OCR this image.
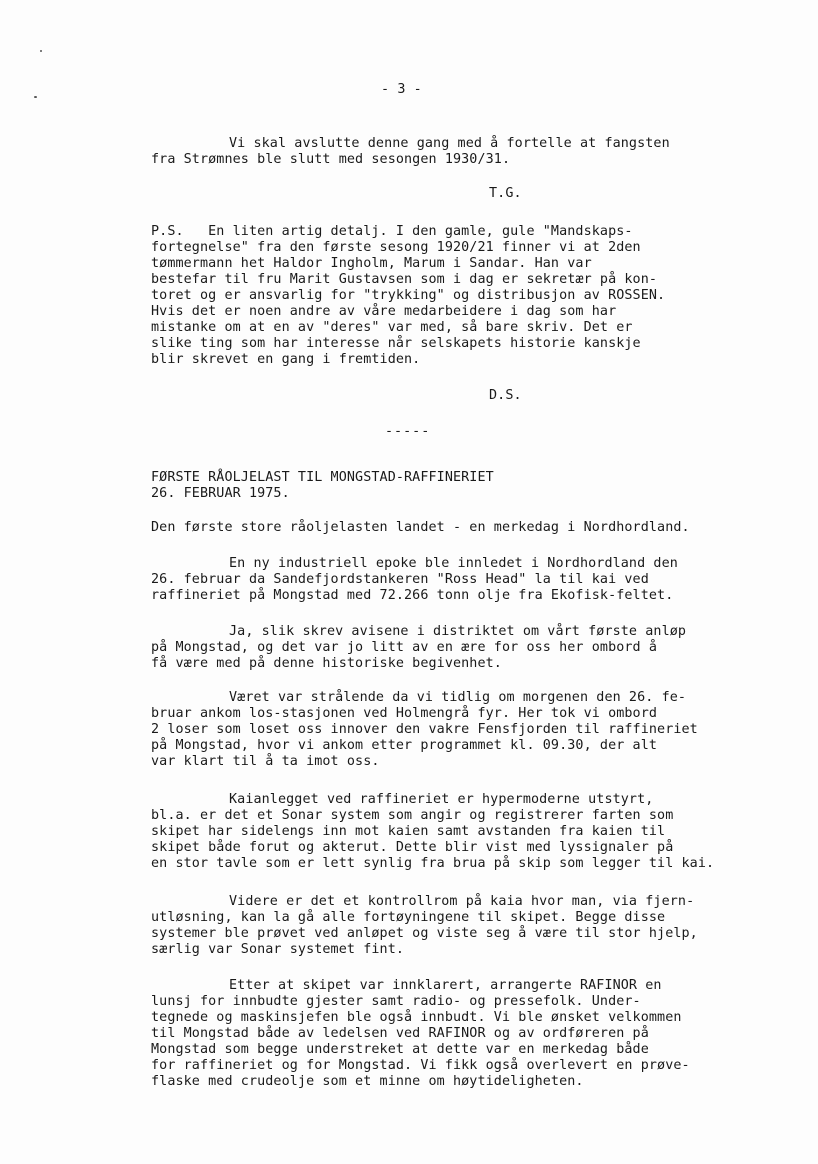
- 3 -
Vi skal avslutte denne gang med å fortelle at fangsten
fra Strømnes ble slutt med sesongen 1930/31.
T.G.
P.S.   En liten artig detalj. I den gamle, gule "Mandskaps-
fortegnelse" fra den første sesong 1920/21 finner vi at 2den
tømmermann het Haldor Ingholm, Marum i Sandar. Han var
bestefar til fru Marit Gustavsen som i dag er sekretær på kon-
toret og er ansvarlig for "trykking" og distribusjon av ROSSEN.
Hvis det er noen andre av våre medarbeidere i dag som har
mistanke om at en av "deres" var med, så bare skriv. Det er
slike ting som har interesse når selskapets historie kanskje
blir skrevet en gang i fremtiden.
D.S.
-----
FØRSTE RÅOLJELAST TIL MONGSTAD-RAFFINERIET
26. FEBRUAR 1975.
Den første store råoljelasten landet - en merkedag i Nordhordland.
En ny industriell epoke ble innledet i Nordhordland den
26. februar da Sandefjordstankeren "Ross Head" la til kai ved
raffineriet på Mongstad med 72.266 tonn olje fra Ekofisk-feltet.
Ja, slik skrev avisene i distriktet om vårt første anløp
på Mongstad, og det var jo litt av en ære for oss her ombord å
få være med på denne historiske begivenhet.
Været var strålende da vi tidlig om morgenen den 26. fe-
bruar ankom los-stasjonen ved Holmengrå fyr. Her tok vi ombord
2 loser som loset oss innover den vakre Fensfjorden til raffineriet
på Mongstad, hvor vi ankom etter programmet kl. 09.30, der alt
var klart til å ta imot oss.
Kaianlegget ved raffineriet er hypermoderne utstyrt,
bl.a. er det et Sonar system som angir og registrerer farten som
skipet har sidelengs inn mot kaien samt avstanden fra kaien til
skipet både forut og akterut. Dette blir vist med lyssignaler på
en stor tavle som er lett synlig fra brua på skip som legger til kai.
Videre er det et kontrollrom på kaia hvor man, via fjern-
utløsning, kan la gå alle fortøyningene til skipet. Begge disse
systemer ble prøvet ved anløpet og viste seg å være til stor hjelp,
særlig var Sonar systemet fint.
Etter at skipet var innklarert, arrangerte RAFINOR en
lunsj for innbudte gjester samt radio- og pressefolk. Under-
tegnede og maskinsjefen ble også innbudt. Vi ble ønsket velkommen
til Mongstad både av ledelsen ved RAFINOR og av ordføreren på
Mongstad som begge understreket at dette var en merkedag både
for raffineriet og for Mongstad. Vi fikk også overlevert en prøve-
flaske med crudeolje som et minne om høytideligheten.
